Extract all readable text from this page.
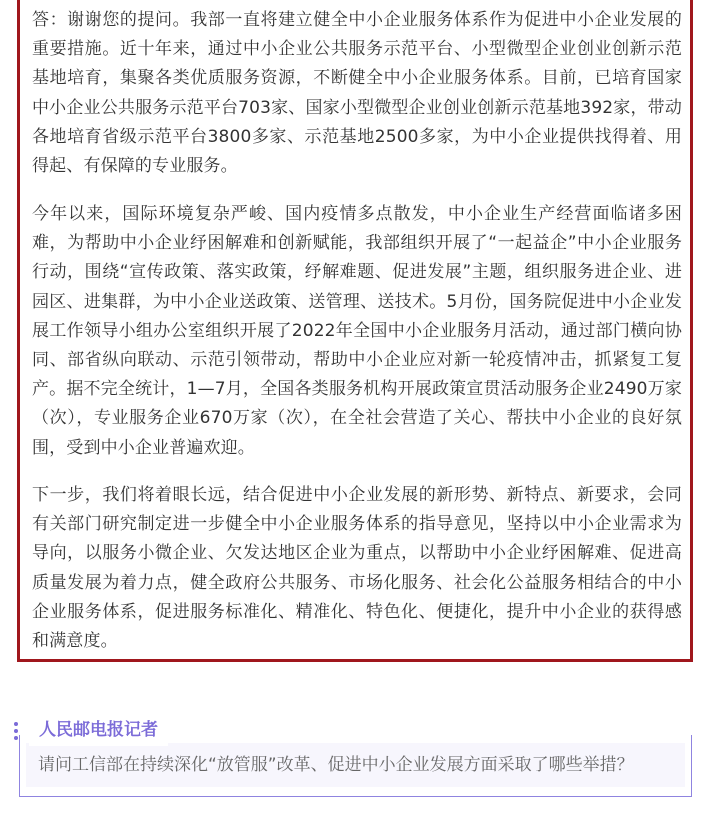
答：谢谢您的提问。我部一直将建立健全中小企业服务体系作为促进中小企业发展的重要措施。近十年来，通过中小企业公共服务示范平台、小型微型企业创业创新示范基地培育，集聚各类优质服务资源，不断健全中小企业服务体系。目前，已培育国家中小企业公共服务示范平台703家、国家小型微型企业创业创新示范基地392家，带动各地培育省级示范平台3800多家、示范基地2500多家，为中小企业提供找得着、用得起、有保障的专业服务。

今年以来，国际环境复杂严峻、国内疫情多点散发，中小企业生产经营面临诸多困难，为帮助中小企业纾困解难和创新赋能，我部组织开展了“一起益企”中小企业服务行动，围绕“宣传政策、落实政策，纾解难题、促进发展”主题，组织服务进企业、进园区、进集群，为中小企业送政策、送管理、送技术。5月份，国务院促进中小企业发展工作领导小组办公室组织开展了2022年全国中小企业服务月活动，通过部门横向协同、部省纵向联动、示范引领带动，帮助中小企业应对新一轮疫情冲击，抓紧复工复产。据不完全统计，1—7月，全国各类服务机构开展政策宣贯活动服务企业2490万家（次），专业服务企业670万家（次），在全社会营造了关心、帮扶中小企业的良好氛围，受到中小企业普遍欢迎。

下一步，我们将着眼长远，结合促进中小企业发展的新形势、新特点、新要求，会同有关部门研究制定进一步健全中小企业服务体系的指导意见，坚持以中小企业需求为导向，以服务小微企业、欠发达地区企业为重点，以帮助中小企业纾困解难、促进高质量发展为着力点，健全政府公共服务、市场化服务、社会化公益服务相结合的中小企业服务体系，促进服务标准化、精准化、特色化、便捷化，提升中小企业的获得感和满意度。

人民邮电报记者
请问工信部在持续深化“放管服”改革、促进中小企业发展方面采取了哪些举措？
